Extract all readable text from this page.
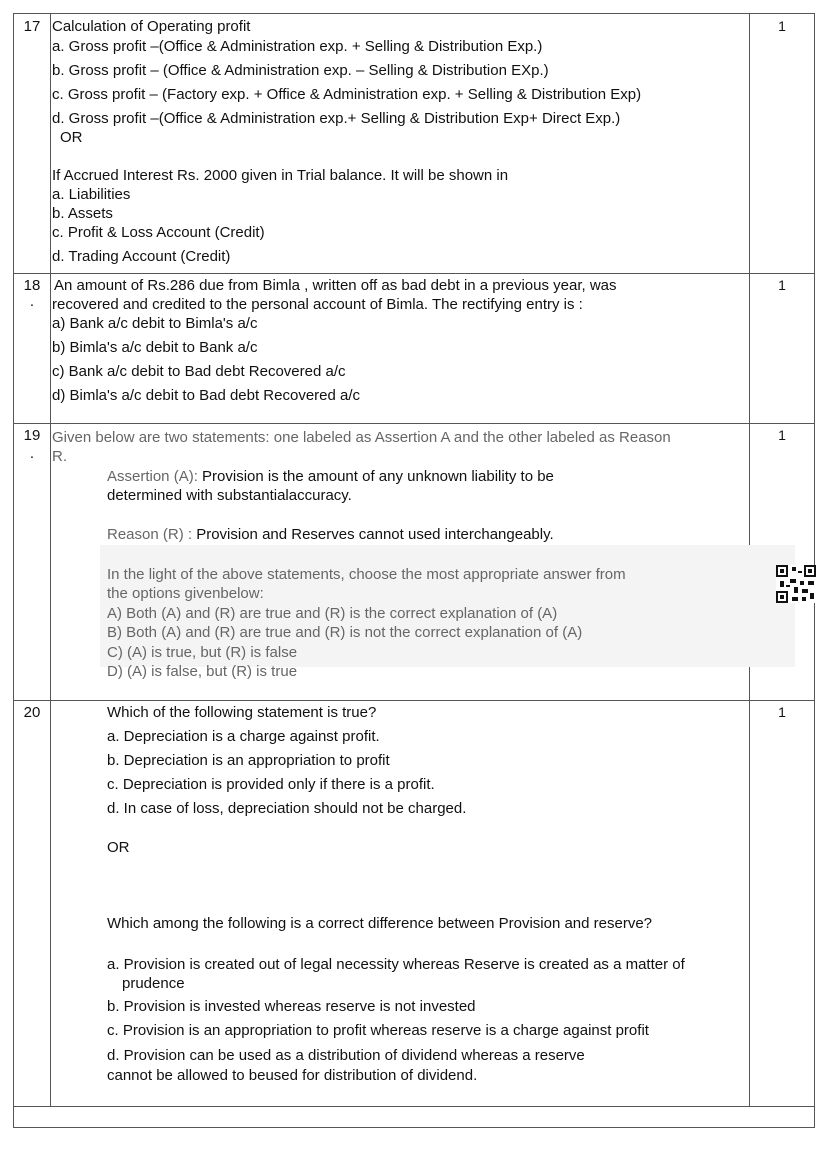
17	1
Calculation of Operating profit
a. Gross profit –(Office & Administration exp. + Selling & Distribution Exp.)
b. Gross profit – (Office & Administration exp. – Selling & Distribution EXp.)
c. Gross profit – (Factory exp. + Office & Administration exp. + Selling & Distribution Exp)
d. Gross profit –(Office & Administration exp.+ Selling & Distribution Exp+ Direct Exp.)
OR
If Accrued Interest Rs. 2000 given in Trial balance. It will be shown in
a. Liabilities
b. Assets
c. Profit & Loss Account (Credit)
d. Trading Account (Credit)
18
.
1
An amount of Rs.286 due from Bimla , written off as bad debt in a previous year, was
recovered and credited to the personal account of Bimla. The rectifying entry is :
a) Bank a/c debit to Bimla's a/c
b) Bimla's a/c debit to Bank a/c
c) Bank a/c debit to Bad debt Recovered a/c
d) Bimla's a/c debit to Bad debt Recovered a/c
19
.
1
Given below are two statements: one labeled as Assertion A and the other labeled as Reason
R.
Assertion (A): Provision is the amount of any unknown liability to be
determined with substantialaccuracy.
Reason (R) : Provision and Reserves cannot used interchangeably.
In the light of the above statements, choose the most appropriate answer from
the options givenbelow:
A) Both (A) and (R) are true and (R) is the correct explanation of (A)
B) Both (A) and (R) are true and (R) is not the correct explanation of (A)
C) (A) is true, but (R) is false
D) (A) is false, but (R) is true
20	1
Which of the following statement is true?
a. Depreciation is a charge against profit.
b. Depreciation is an appropriation to profit
c. Depreciation is provided only if there is a profit.
d. In case of loss, depreciation should not be charged.
OR
Which among the following is a correct difference between Provision and reserve?
a. Provision is created out of legal necessity whereas Reserve is created as a matter of
prudence
b. Provision is invested whereas reserve is not invested
c. Provision is an appropriation to profit whereas reserve is a charge against profit
d. Provision can be used as a distribution of dividend whereas a reserve
cannot be allowed to beused for distribution of dividend.
